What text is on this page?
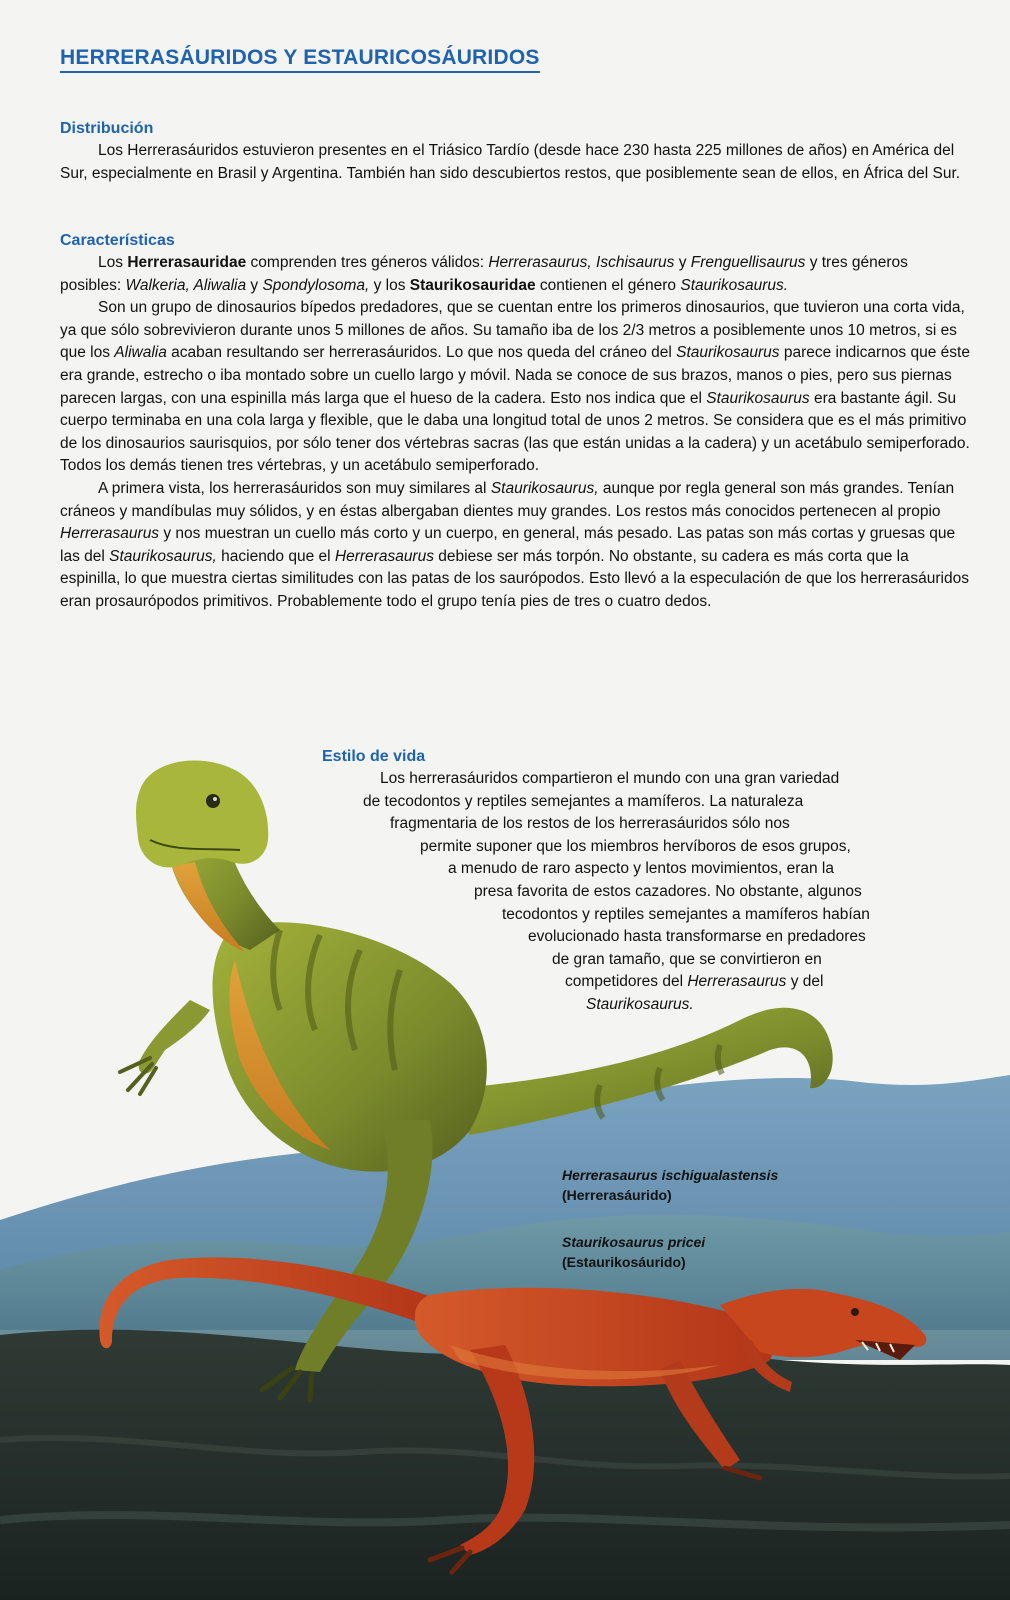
HERRERASÁURIDOS Y ESTAURICOSÁURIDOS
Distribución

Los Herrerasáuridos estuvieron presentes en el Triásico Tardío (desde hace 230 hasta 225 millones de años) en América del Sur, especialmente en Brasil y Argentina. También han sido descubiertos restos, que posiblemente sean de ellos, en África del Sur.

Características

Los Herrerasauridae comprenden tres géneros válidos: Herrerasaurus, Ischisaurus y Frenguellisaurus y tres géneros posibles: Walkeria, Aliwalia y Spondylosoma, y los Staurikosauridae contienen el género Staurikosaurus.

Son un grupo de dinosaurios bípedos predadores, que se cuentan entre los primeros dinosaurios, que tuvieron una corta vida, ya que sólo sobrevivieron durante unos 5 millones de años. Su tamaño iba de los 2/3 metros a posiblemente unos 10 metros, si es que los Aliwalia acaban resultando ser herrerasáuridos. Lo que nos queda del cráneo del Staurikosaurus parece indicarnos que éste era grande, estrecho o iba montado sobre un cuello largo y móvil. Nada se conoce de sus brazos, manos o pies, pero sus piernas parecen largas, con una espinilla más larga que el hueso de la cadera. Esto nos indica que el Staurikosaurus era bastante ágil. Su cuerpo terminaba en una cola larga y flexible, que le daba una longitud total de unos 2 metros. Se considera que es el más primitivo de los dinosaurios saurisquios, por sólo tener dos vértebras sacras (las que están unidas a la cadera) y un acetábulo semiperforado. Todos los demás tienen tres vértebras, y un acetábulo semiperforado.

A primera vista, los herrerasáuridos son muy similares al Staurikosaurus, aunque por regla general son más grandes. Tenían cráneos y mandíbulas muy sólidos, y en éstas albergaban dientes muy grandes. Los restos más conocidos pertenecen al propio Herrerasaurus y nos muestran un cuello más corto y un cuerpo, en general, más pesado. Las patas son más cortas y gruesas que las del Staurikosaurus, haciendo que el Herrerasaurus debiese ser más torpón. No obstante, su cadera es más corta que la espinilla, lo que muestra ciertas similitudes con las patas de los saurópodos. Esto llevó a la especulación de que los herrerasáuridos eran prosaurópodos primitivos. Probablemente todo el grupo tenía pies de tres o cuatro dedos.

Estilo de vida
Los herrerasáuridos compartieron el mundo con una gran variedad
de tecodontos y reptiles semejantes a mamíferos. La naturaleza
fragmentaria de los restos de los herrerasáuridos sólo nos
permite suponer que los miembros hervíboros de esos grupos,
a menudo de raro aspecto y lentos movimientos, eran la
presa favorita de estos cazadores. No obstante, algunos
tecodontos y reptiles semejantes a mamíferos habían
evolucionado hasta transformarse en predadores
de gran tamaño, que se convirtieron en
competidores del Herrerasaurus y del
Staurikosaurus.
Herrerasaurus ischigualastensis
(Herrerasáurido)
Staurikosaurus pricei
(Estaurikosáurido)
